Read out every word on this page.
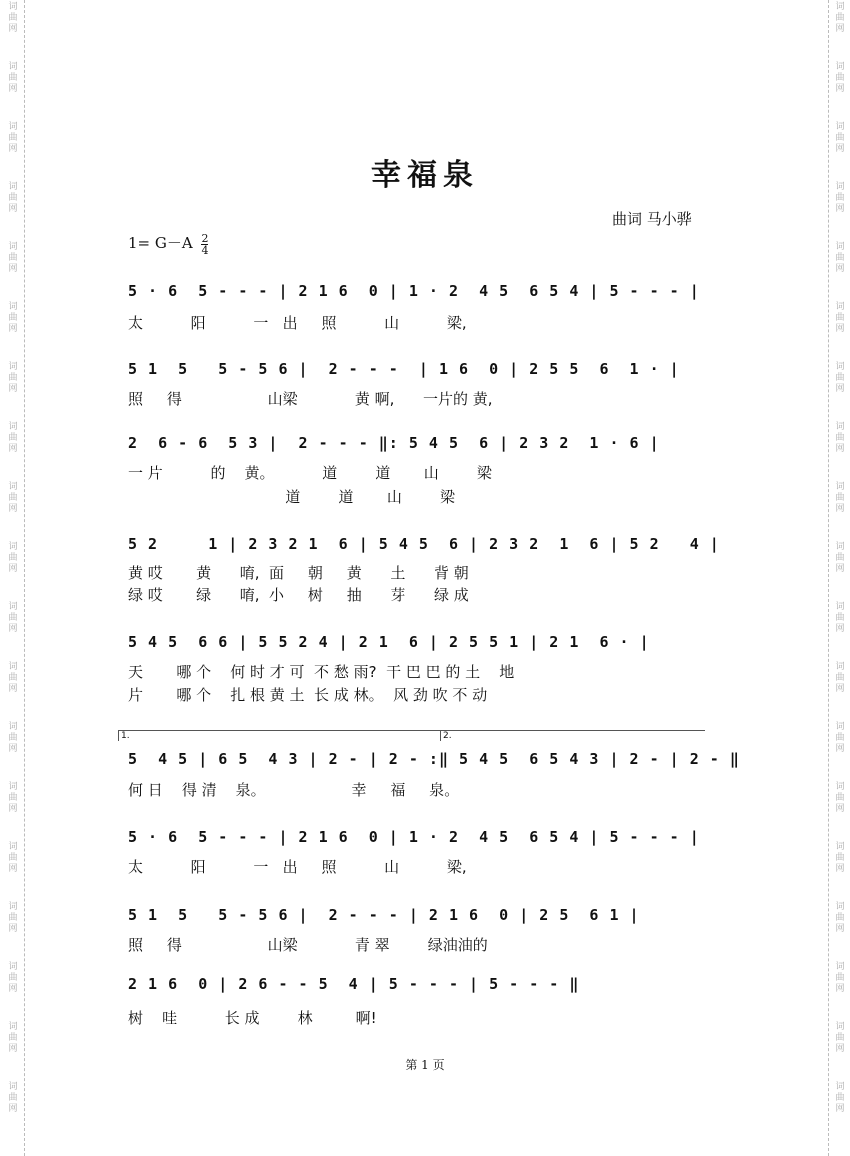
词
曲
网
词
曲
网
词
曲
网
词
曲
网
词
曲
网
词
曲
网
词
曲
网
词
曲
网
词
曲
网
词
曲
网
词
曲
网
词
曲
网
词
曲
网
词
曲
网
词
曲
网
词
曲
网
词
曲
网
词
曲
网
词
曲
网
词
曲
网
词
曲
网
词
曲
网
词
曲
网
词
曲
网
词
曲
网
词
曲
网
词
曲
网
词
曲
网
词
曲
网
词
曲
网
词
曲
网
词
曲
网
词
曲
网
词
曲
网
词
曲
网
词
曲
网
词
曲
网
词
曲
网
幸福泉
曲词 马小骅
$1= G-A \frac{2}{4}$
5 · 6  5 - - - | 2 1 6  0 | 1 · 2  4 5  6 5 4 | 5 - - - |
太          阳          一   出     照          山          梁,
5 1  5   5 - 5 6 |  2 - - -  | 1 6  0 | 2 5 5  6  1 · |
照     得                  山梁            黄 啊,      一片的 黄,
2  6 - 6  5 3 |  2 - - - ‖: 5 4 5  6 | 2 3 2  1 · 6 |
一 片          的    黄。          道        道       山        梁
道        道       山        梁
5 2     1 | 2 3 2 1  6 | 5 4 5  6 | 2 3 2  1  6 | 5 2   4 |
黄 哎       黄      唷,  面     朝     黄      土      背 朝
绿 哎       绿      唷,  小     树     抽      芽      绿 成
5 4 5  6 6 | 5 5 2 4 | 2 1  6 | 2 5 5 1 | 2 1  6 · |
天       哪 个    何 时 才 可  不 愁 雨?  干 巴 巴 的 土    地
片       哪 个    扎 根 黄 土  长 成 林。  风 劲 吹 不 动
1.	2.
5  4 5 | 6 5  4 3 | 2 - | 2 - :‖ 5 4 5  6 5 4 3 | 2 - | 2 - ‖
何 日    得 清    泉。                  幸     福     泉。
5 · 6  5 - - - | 2 1 6  0 | 1 · 2  4 5  6 5 4 | 5 - - - |
太          阳          一   出     照          山          梁,
5 1  5   5 - 5 6 |  2 - - - | 2 1 6  0 | 2 5  6 1 |
照     得                  山梁            青 翠        绿油油的
2 1 6  0 | 2 6 - - 5  4 | 5 - - - | 5 - - - ‖
树    哇          长 成        林         啊!
第 1 页
